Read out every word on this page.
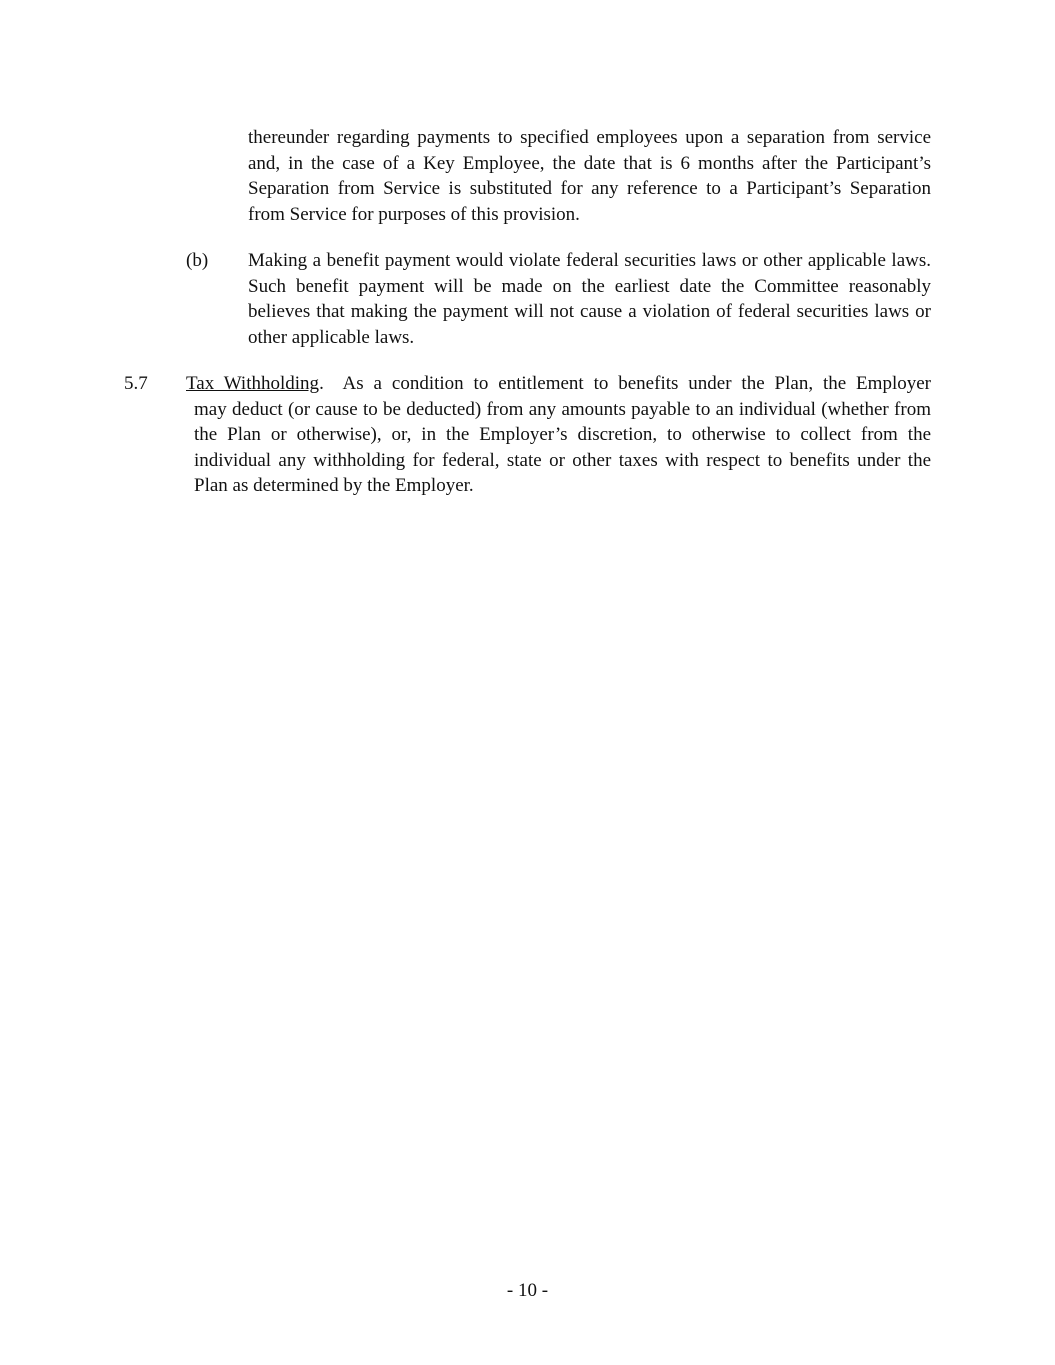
thereunder regarding payments to specified employees upon a separation from service and, in the case of a Key Employee, the date that is 6 months after the Participant’s Separation from Service is substituted for any reference to a Participant’s Separation from Service for purposes of this provision.

(b) Making a benefit payment would violate federal securities laws or other applicable laws. Such benefit payment will be made on the earliest date the Committee reasonably believes that making the payment will not cause a violation of federal securities laws or other applicable laws.

5.7 Tax Withholding.  As a condition to entitlement to benefits under the Plan, the Employer
may deduct (or cause to be deducted) from any amounts payable to an individual (whether from the Plan or otherwise), or, in the Employer’s discretion, to otherwise to collect from the individual any withholding for federal, state or other taxes with respect to benefits under the Plan as determined by the Employer.

- 10 -
